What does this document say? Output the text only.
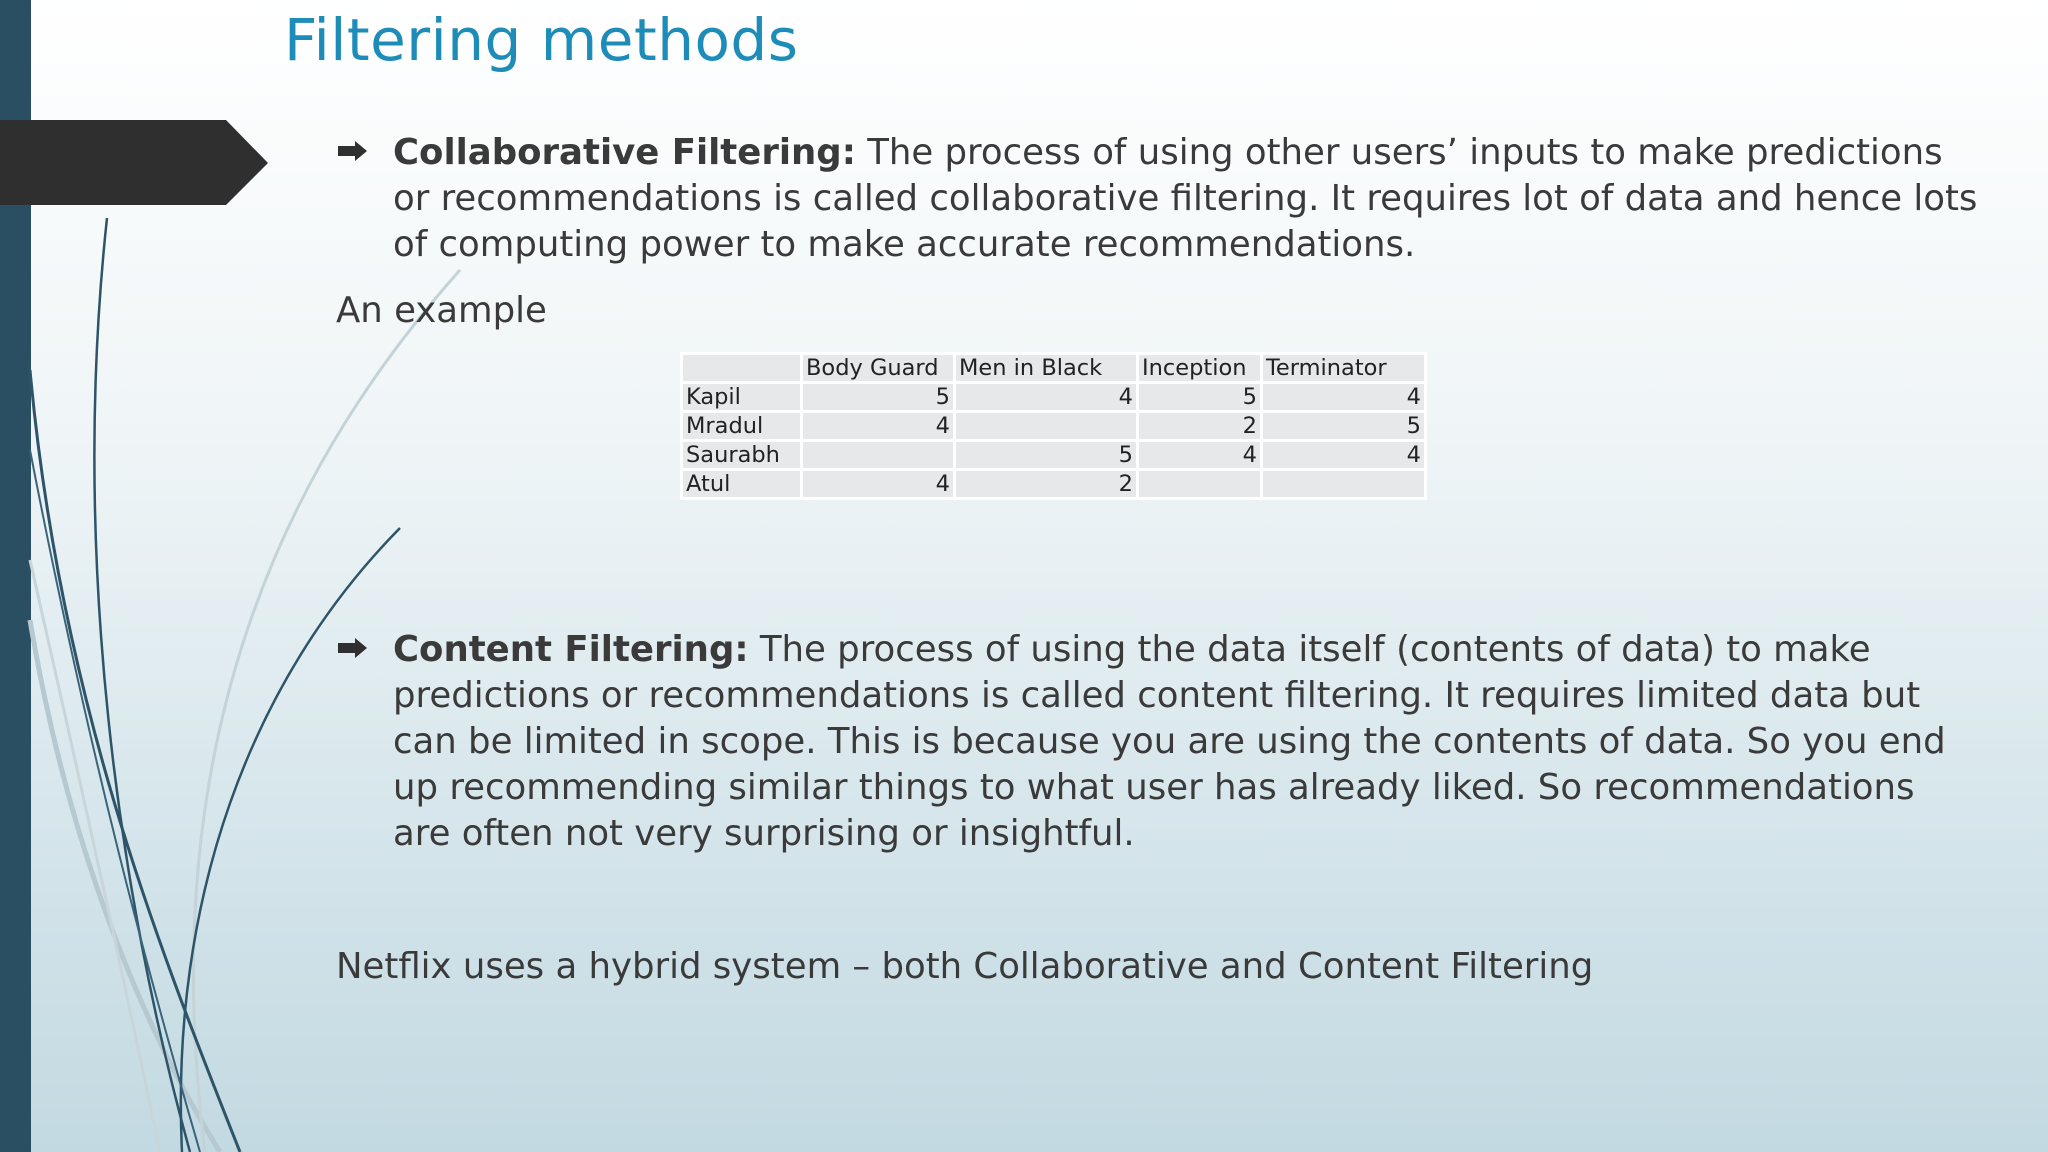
Filtering methods
Collaborative Filtering: The process of using other users’ inputs to make predictions or recommendations is called collaborative filtering. It requires lot of data and hence lots of computing power to make accurate recommendations.
An example
	Body Guard	Men in Black	Inception	Terminator
Kapil	5	4	5	4
Mradul	4		2	5
Saurabh		5	4	4
Atul	4	2		
Content Filtering: The process of using the data itself (contents of data) to make predictions or recommendations is called content filtering. It requires limited data but can be limited in scope. This is because you are using the contents of data. So you end up recommending similar things to what user has already liked. So recommendations are often not very surprising or insightful.
Netflix uses a hybrid system – both Collaborative and Content Filtering
